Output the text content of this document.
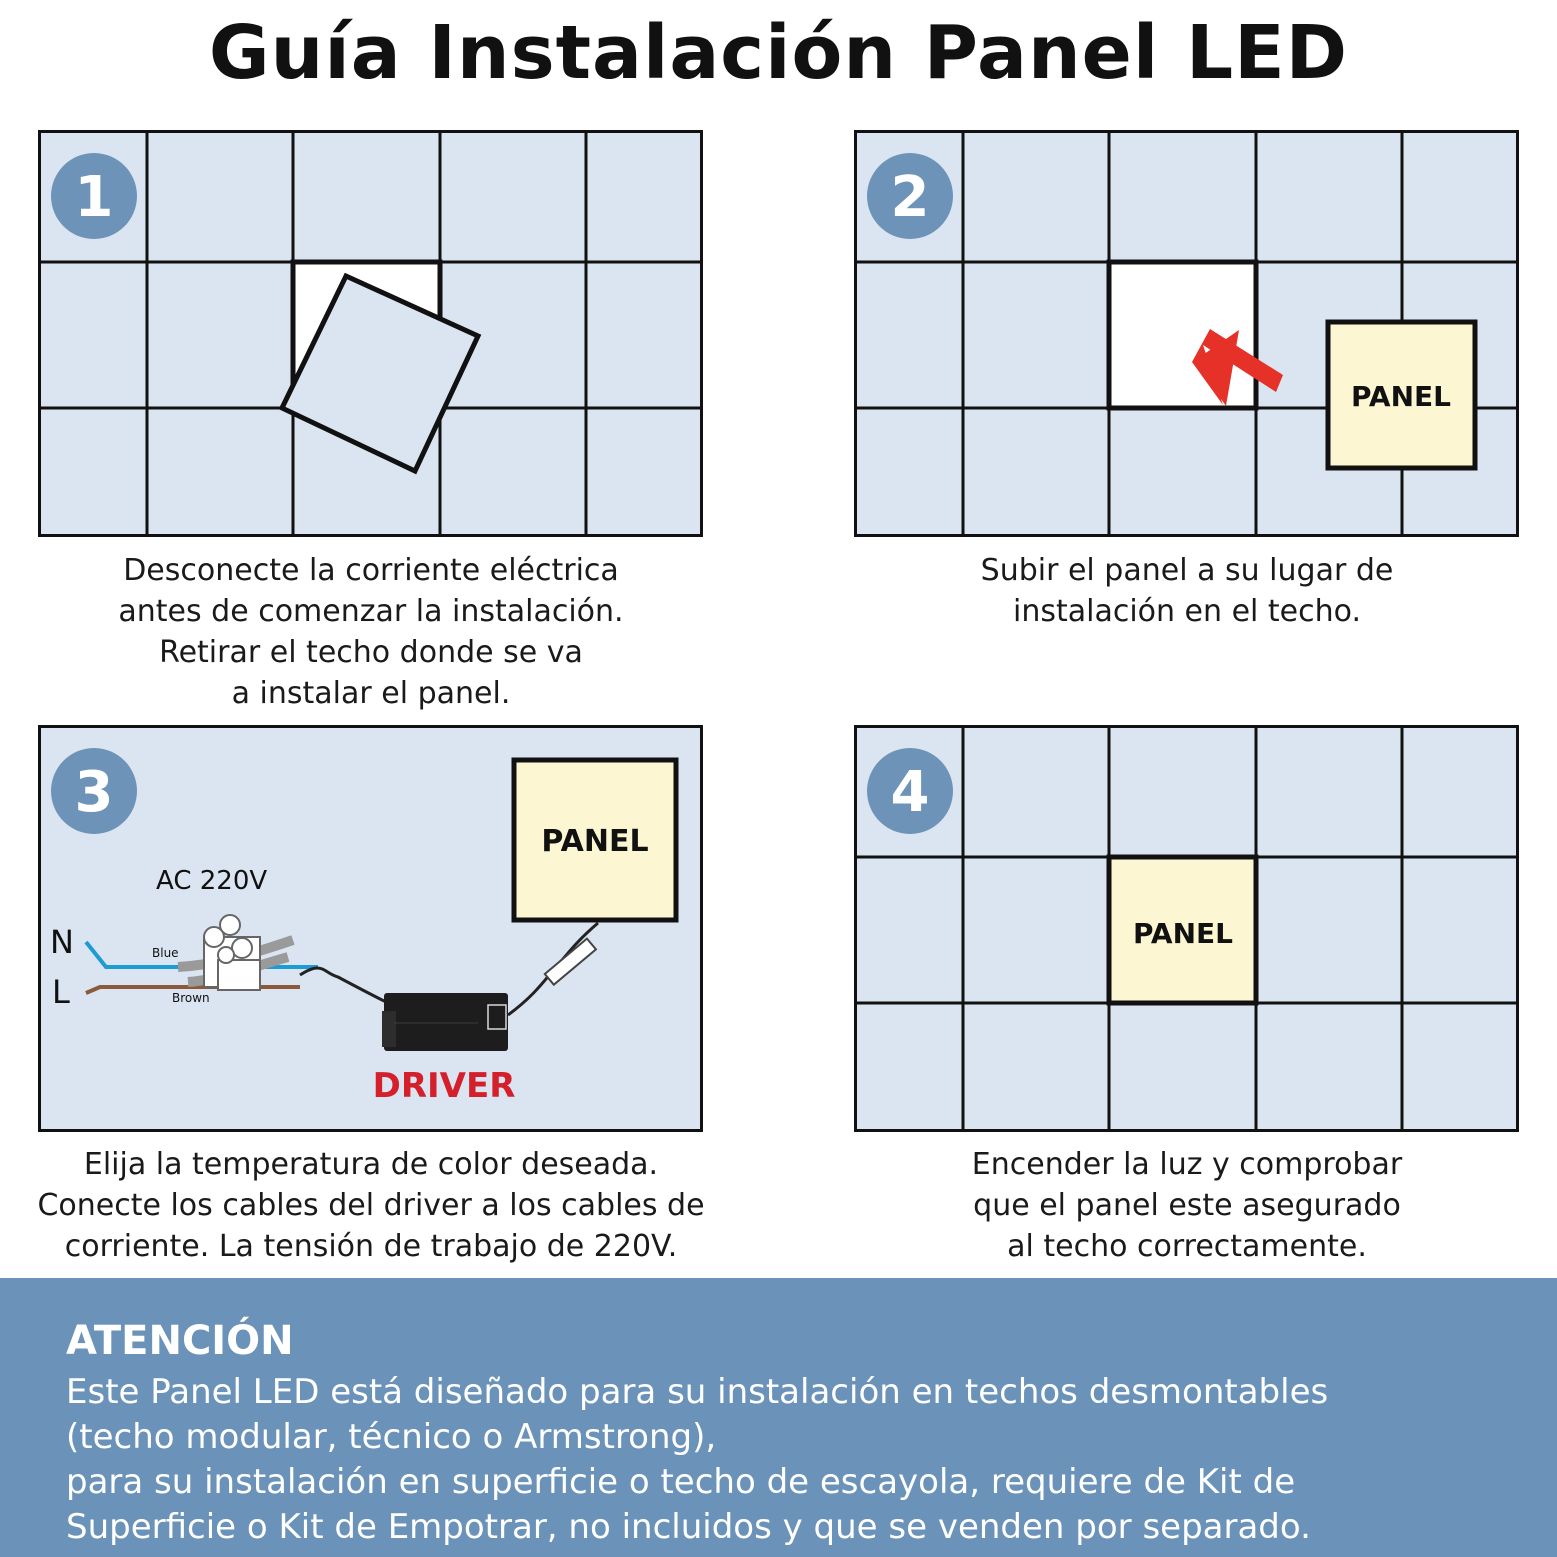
Guía Instalación Panel LED
1
Desconecte la corriente eléctrica
antes de comenzar la instalación.
Retirar el techo donde se va
a instalar el panel.
PANEL
2
Subir el panel a su lugar de
instalación en el techo.
3
PANEL
AC 220V
N
L
Blue
Brown
DRIVER
Elija la temperatura de color deseada.
Conecte los cables del driver a los cables de
corriente. La tensión de trabajo de 220V.
PANEL
4
Encender la luz y comprobar
que el panel este asegurado
al techo correctamente.
ATENCIÓN
Este Panel LED está diseñado para su instalación en techos desmontables
(techo modular, técnico o Armstrong),
para su instalación en superficie o techo de escayola, requiere de Kit de
Superficie o Kit de Empotrar, no incluidos y que se venden por separado.
